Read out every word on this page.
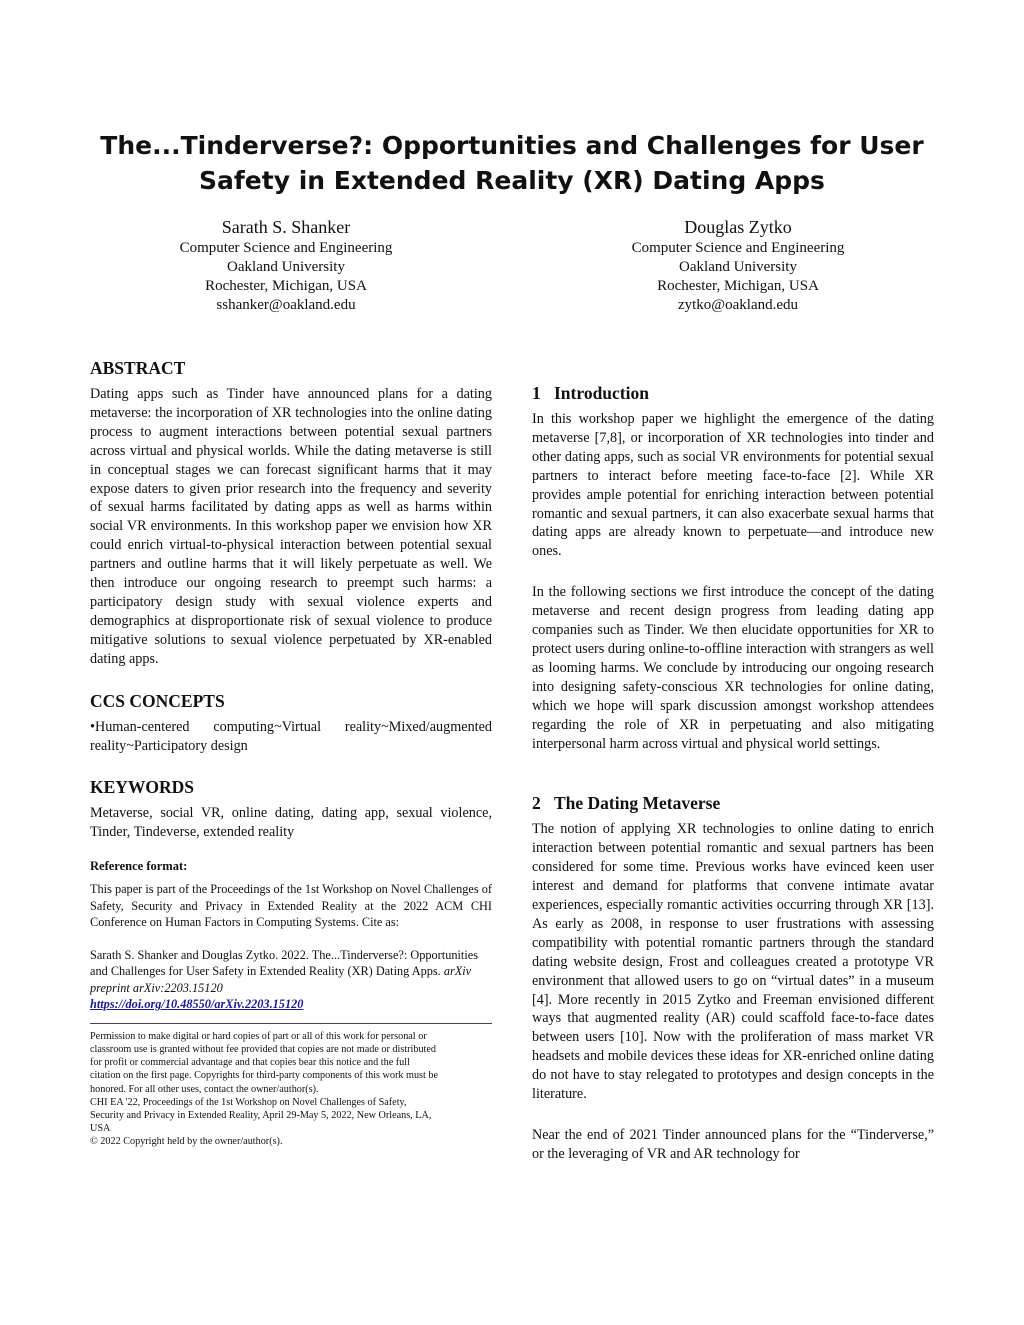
The...Tinderverse?: Opportunities and Challenges for User
Safety in Extended Reality (XR) Dating Apps
Sarath S. Shanker
Computer Science and Engineering
Oakland University
Rochester, Michigan, USA
sshanker@oakland.edu
Douglas Zytko
Computer Science and Engineering
Oakland University
Rochester, Michigan, USA
zytko@oakland.edu
ABSTRACT

Dating apps such as Tinder have announced plans for a dating metaverse: the incorporation of XR technologies into the online dating process to augment interactions between potential sexual partners across virtual and physical worlds. While the dating metaverse is still in conceptual stages we can forecast significant harms that it may expose daters to given prior research into the frequency and severity of sexual harms facilitated by dating apps as well as harms within social VR environments. In this workshop paper we envision how XR could enrich virtual-to-physical interaction between potential sexual partners and outline harms that it will likely perpetuate as well. We then introduce our ongoing research to preempt such harms: a participatory design study with sexual violence experts and demographics at disproportionate risk of sexual violence to produce mitigative solutions to sexual violence perpetuated by XR-enabled dating apps.

CCS CONCEPTS

•Human-centered computing~Virtual reality~Mixed/augmented reality~Participatory design

KEYWORDS

Metaverse, social VR, online dating, dating app, sexual violence, Tinder, Tindeverse, extended reality

Reference format:

This paper is part of the Proceedings of the 1st Workshop on Novel Challenges of Safety, Security and Privacy in Extended Reality at the 2022 ACM CHI Conference on Human Factors in Computing Systems. Cite as:

Sarath S. Shanker and Douglas Zytko. 2022. The...Tinderverse?: Opportunities and Challenges for User Safety in Extended Reality (XR) Dating Apps. arXiv preprint arXiv:2203.15120
https://doi.org/10.48550/arXiv.2203.15120

Permission to make digital or hard copies of part or all of this work for personal or
classroom use is granted without fee provided that copies are not made or distributed
for profit or commercial advantage and that copies bear this notice and the full
citation on the first page. Copyrights for third-party components of this work must be
honored. For all other uses, contact the owner/author(s).
CHI EA '22, Proceedings of the 1st Workshop on Novel Challenges of Safety,
Security and Privacy in Extended Reality, April 29-May 5, 2022, New Orleans, LA,
USA
© 2022 Copyright held by the owner/author(s).
1 Introduction

In this workshop paper we highlight the emergence of the dating metaverse [7,8], or incorporation of XR technologies into tinder and other dating apps, such as social VR environments for potential sexual partners to interact before meeting face-to-face [2]. While XR provides ample potential for enriching interaction between potential romantic and sexual partners, it can also exacerbate sexual harms that dating apps are already known to perpetuate—and introduce new ones.

In the following sections we first introduce the concept of the dating metaverse and recent design progress from leading dating app companies such as Tinder. We then elucidate opportunities for XR to protect users during online-to-offline interaction with strangers as well as looming harms. We conclude by introducing our ongoing research into designing safety-conscious XR technologies for online dating, which we hope will spark discussion amongst workshop attendees regarding the role of XR in perpetuating and also mitigating interpersonal harm across virtual and physical world settings.

2 The Dating Metaverse

The notion of applying XR technologies to online dating to enrich interaction between potential romantic and sexual partners has been considered for some time. Previous works have evinced keen user interest and demand for platforms that convene intimate avatar experiences, especially romantic activities occurring through XR [13]. As early as 2008, in response to user frustrations with assessing compatibility with potential romantic partners through the standard dating website design, Frost and colleagues created a prototype VR environment that allowed users to go on “virtual dates” in a museum [4]. More recently in 2015 Zytko and Freeman envisioned different ways that augmented reality (AR) could scaffold face-to-face dates between users [10]. Now with the proliferation of mass market VR headsets and mobile devices these ideas for XR-enriched online dating do not have to stay relegated to prototypes and design concepts in the literature.

Near the end of 2021 Tinder announced plans for the “Tinderverse,” or the leveraging of VR and AR technology for
